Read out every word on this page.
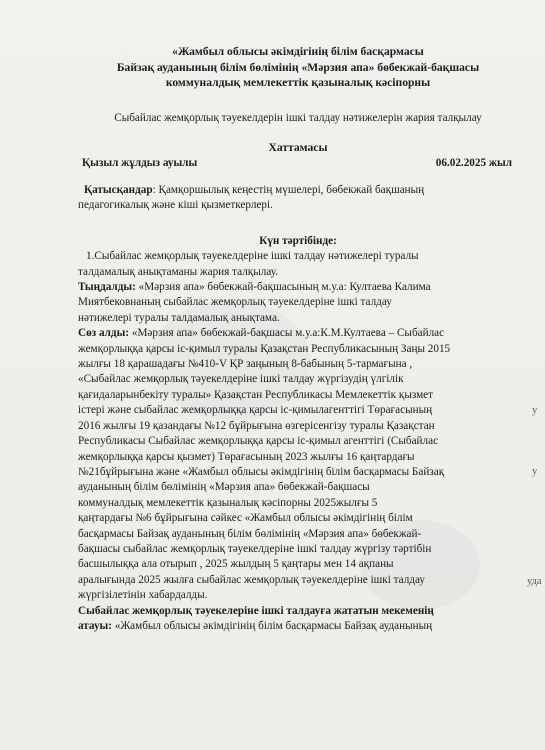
«Жамбыл облысы әкімдігінің білім басқармасы
Байзақ ауданының білім бөлімінің «Мәрзия апа» бөбекжай-бақшасы
коммуналдық мемлекеттік қазыналық кәсіпорны
Сыбайлас жемқорлық тәуекелдерін ішкі талдау нәтижелерін жария талқылау
Хаттамасы
Қызыл жұлдыз ауылы	06.02.2025 жыл
Қатысқандар: Қамқоршылық кеңестің мүшелері, бөбекжай бақшаның
педагогикалық және кіші қызметкерлері.
Күн тәртібінде:
1.Сыбайлас жемқорлық тәуекелдеріне ішкі талдау нәтижелері туралы
талдамалық анықтаманы жария талқылау.
Тыңдалды: «Мәрзия апа» бөбекжай-бақшасының м.у.а: Култаева Калима
Миятбековнаның сыбайлас жемқорлық тәуекелдеріне ішкі талдау
нәтижелері туралы талдамалық анықтама.
Сөз алды: «Мәрзия апа» бөбекжай-бақшасы м.у.а:К.М.Култаева – Сыбайлас
жемқорлыққа қарсы іс-қимыл туралы Қазақстан Республикасының Заңы 2015
жылғы 18 қарашадағы №410-V ҚР заңының 8-бабының 5-тармағына ,
«Сыбайлас жемқорлық тәуекелдеріне ішкі талдау жүргізудің үлгілік
қағидаларынбекіту туралы» Қазақстан Республикасы Мемлекеттік қызмет
істері және сыбайлас жемқорлыққа қарсы іс-қимылагенттігі Төрағасының
2016 жылғы 19 қазандағы №12 бұйрығына өзгерісенгізу туралы Қазақстан
Республикасы Сыбайлас жемқорлыққа қарсы іс-қимыл агенттігі (Сыбайлас
жемқорлыққа қарсы қызмет) Төрағасының 2023 жылғы 16 қаңтардағы
№21бұйрығына және «Жамбыл облысы әкімдігінің білім басқармасы Байзақ
ауданының білім бөлімінің «Мәрзия апа» бөбекжай-бақшасы
коммуналдық мемлекеттік қазыналық кәсіпорны 2025жылғы 5
қаңтардағы №6 бұйрығына сәйкес «Жамбыл облысы әкімдігінің білім
басқармасы Байзақ ауданының білім бөлімінің «Мәрзия апа» бөбекжай-
бақшасы сыбайлас жемқорлық тәуекелдеріне ішкі талдау жүргізу тәртібін
басшылыққа ала отырып , 2025 жылдың 5 қаңтары мен 14 ақпаны
аралығында 2025 жылға сыбайлас жемқорлық тәуекелдеріне ішкі талдау
жүргізілетінін хабардалды.
Сыбайлас жемқорлық тәуекелеріне ішкі талдауға жататын мекеменің
атауы: «Жамбыл облысы әкімдігінің білім басқармасы Байзақ ауданының
у
у
уда
